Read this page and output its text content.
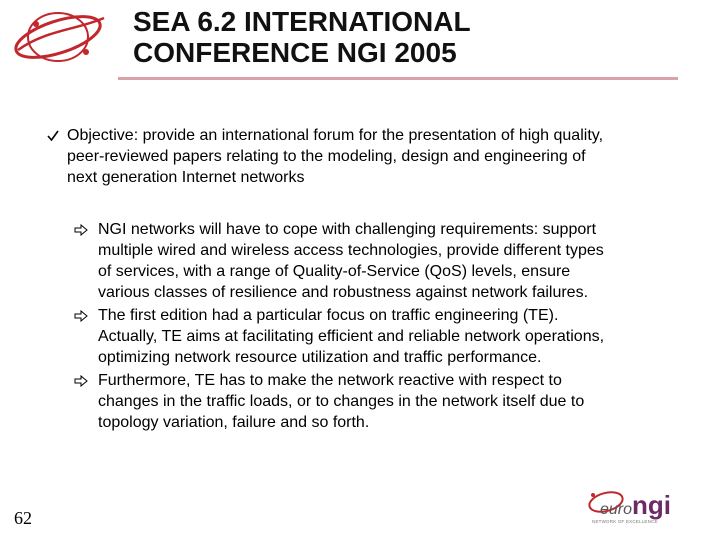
SEA 6.2 INTERNATIONAL
CONFERENCE NGI 2005
Objective: provide an international forum for the presentation of high quality,
peer-reviewed papers relating to the modeling, design and engineering of
next generation Internet networks
NGI networks will have to cope with challenging requirements: support
multiple wired and wireless access technologies, provide different types
of services, with a range of Quality-of-Service (QoS) levels, ensure
various classes of resilience and robustness against network failures.
The first edition had a particular focus on traffic engineering (TE).
Actually, TE aims at facilitating efficient and reliable network operations,
optimizing network resource utilization and traffic performance.
Furthermore, TE has to make the network reactive with respect to
changes in the traffic loads, or to changes in the network itself due to
topology variation, failure and so forth.
62	eurongi
NETWORK OF EXCELLENCE
